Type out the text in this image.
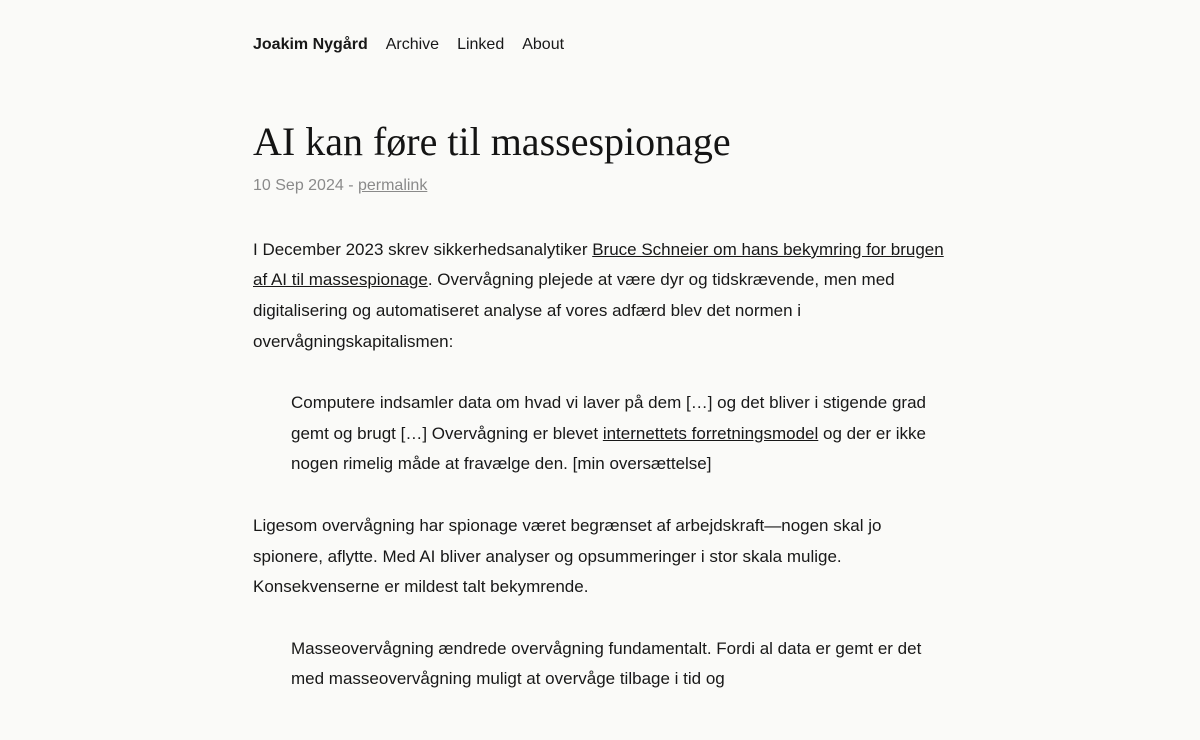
Joakim Nygård Archive Linked About
AI kan føre til massespionage
10 Sep 2024 - permalink

I December 2023 skrev sikkerhedsanalytiker Bruce Schneier om hans bekymring for brugen af AI til massespionage. Overvågning plejede at være dyr og tidskrævende, men med digitalisering og automatiseret analyse af vores adfærd blev det normen i overvågningskapitalismen:

Computere indsamler data om hvad vi laver på dem […] og det bliver i stigende grad gemt og brugt […] Overvågning er blevet internettets forretningsmodel og der er ikke nogen rimelig måde at fravælge den. [min oversættelse]

Ligesom overvågning har spionage været begrænset af arbejdskraft—nogen skal jo spionere, aflytte. Med AI bliver analyser og opsummeringer i stor skala mulige. Konsekvenserne er mildest talt bekymrende.

Masseovervågning ændrede overvågning fundamentalt. Fordi al data er gemt er det med masseovervågning muligt at overvåge tilbage i tid og
